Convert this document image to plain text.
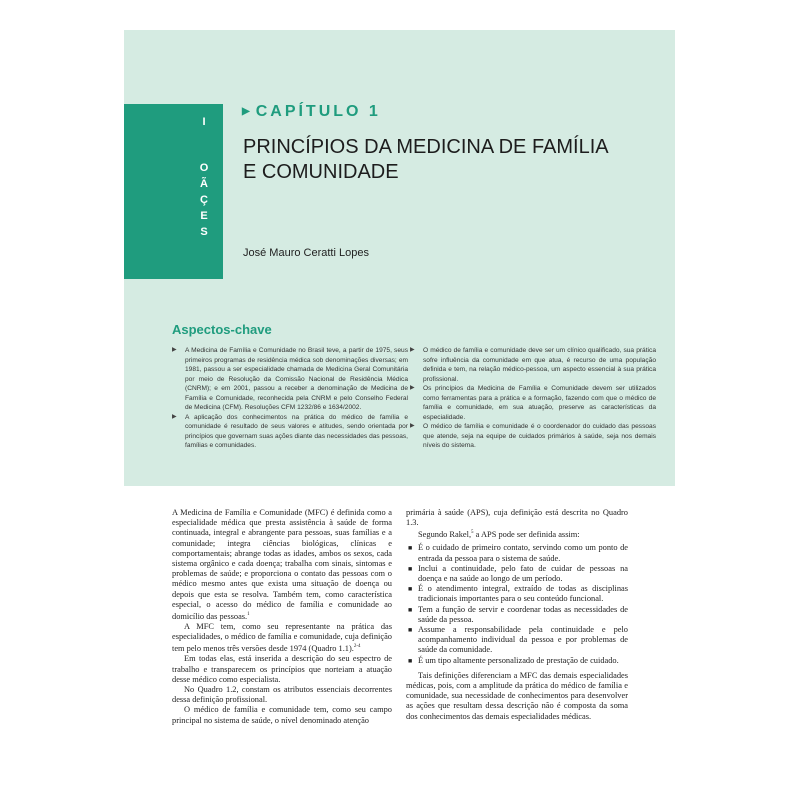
I
O
Ã
Ç
E
S
▶ CAPÍTULO 1
PRINCÍPIOS DA MEDICINA DE FAMÍLIA
E COMUNIDADE
José Mauro Ceratti Lopes
Aspectos-chave
▶ A Medicina de Família e Comunidade no Brasil teve, a partir de 1975, seus primeiros programas de residência médica sob denominações diversas; em 1981, passou a ser especialidade chamada de Medicina Geral Comunitária por meio de Resolução da Comissão Nacional de Residência Médica (CNRM); e em 2001, passou a receber a denominação de Medicina de Família e Comunidade, reconhecida pela CNRM e pelo Conselho Federal de Medicina (CFM). Resoluções CFM 1232/86 e 1634/2002.
▶ A aplicação dos conhecimentos na prática do médico de família e comunidade é resultado de seus valores e atitudes, sendo orientada por princípios que governam suas ações diante das necessidades das pessoas, famílias e comunidades.
▶ O médico de família e comunidade deve ser um clínico qualificado, sua prática sofre influência da comunidade em que atua, é recurso de uma população definida e tem, na relação médico-pessoa, um aspecto essencial à sua prática profissional.
▶ Os princípios da Medicina de Família e Comunidade devem ser utilizados como ferramentas para a prática e a formação, fazendo com que o médico de família e comunidade, em sua atuação, preserve as características da especialidade.
▶ O médico de família e comunidade é o coordenador do cuidado das pessoas que atende, seja na equipe de cuidados primários à saúde, seja nos demais níveis do sistema.

A Medicina de Família e Comunidade (MFC) é definida como a especialidade médica que presta assistência à saúde de forma continuada, integral e abrangente para pessoas, suas famílias e a comunidade; integra ciências biológicas, clínicas e comportamentais; abrange todas as idades, ambos os sexos, cada sistema orgânico e cada doença; trabalha com sinais, sintomas e problemas de saúde; e proporciona o contato das pessoas com o médico mesmo antes que exista uma situação de doença ou depois que esta se resolva. Também tem, como característica especial, o acesso do médico de família e comunidade ao domicílio das pessoas.$^1$

A MFC tem, como seu representante na prática das especialidades, o médico de família e comunidade, cuja definição tem pelo menos três versões desde 1974 (Quadro 1.1).$^{2-4}$

Em todas elas, está inserida a descrição do seu espectro de trabalho e transparecem os princípios que norteiam a atuação desse médico como especialista.

No Quadro 1.2, constam os atributos essenciais decorrentes dessa definição profissional.

O médico de família e comunidade tem, como seu campo principal no sistema de saúde, o nível denominado atenção

primária à saúde (APS), cuja definição está descrita no Quadro 1.3.

Segundo Rakel,$^5$ a APS pode ser definida assim:

■ É o cuidado de primeiro contato, servindo como um ponto de entrada da pessoa para o sistema de saúde.
■ Inclui a continuidade, pelo fato de cuidar de pessoas na doença e na saúde ao longo de um período.
■ É o atendimento integral, extraído de todas as disciplinas tradicionais importantes para o seu conteúdo funcional.
■ Tem a função de servir e coordenar todas as necessidades de saúde da pessoa.
■ Assume a responsabilidade pela continuidade e pelo acompanhamento individual da pessoa e por problemas de saúde da comunidade.
■ É um tipo altamente personalizado de prestação de cuidado.

Tais definições diferenciam a MFC das demais especialidades médicas, pois, com a amplitude da prática do médico de família e comunidade, sua necessidade de conhecimentos para desenvolver as ações que resultam dessa descrição não é composta da soma dos conhecimentos das demais especialidades médicas.
